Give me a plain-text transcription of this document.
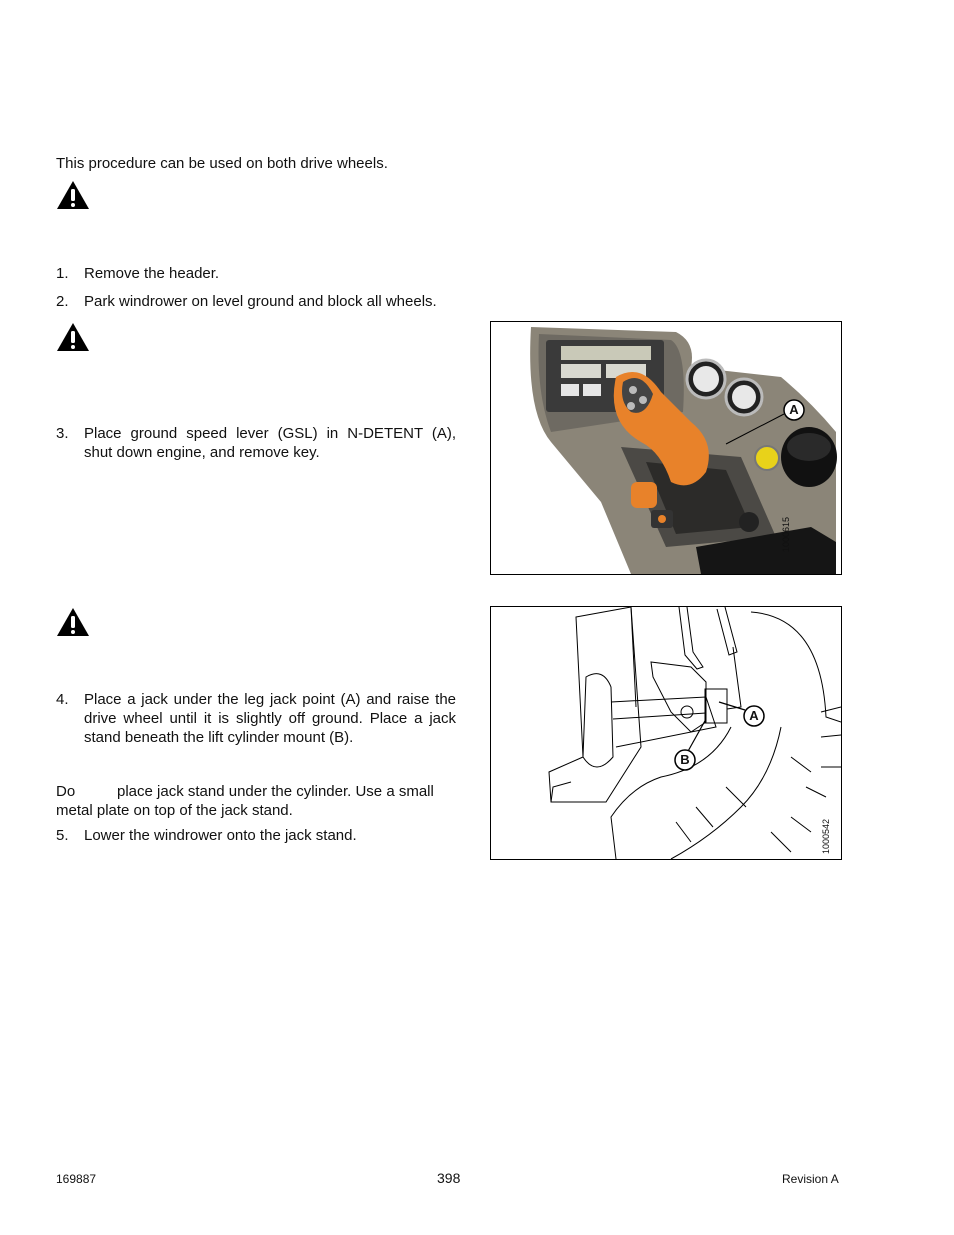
This procedure can be used on both drive wheels.
1. Remove the header.
2. Park windrower on level ground and block all wheels.
3. Place ground speed lever (GSL) in N-DETENT (A),
shut down engine, and remove key.
A
1000615
4. Place a jack under the leg jack point (A) and raise the
drive wheel until it is slightly off ground. Place a jack
stand beneath the lift cylinder mount (B).
Do	place jack stand under the cylinder. Use a small
metal plate on top of the jack stand.
5. Lower the windrower onto the jack stand.
A
B
1000542
169887	398	Revision A
